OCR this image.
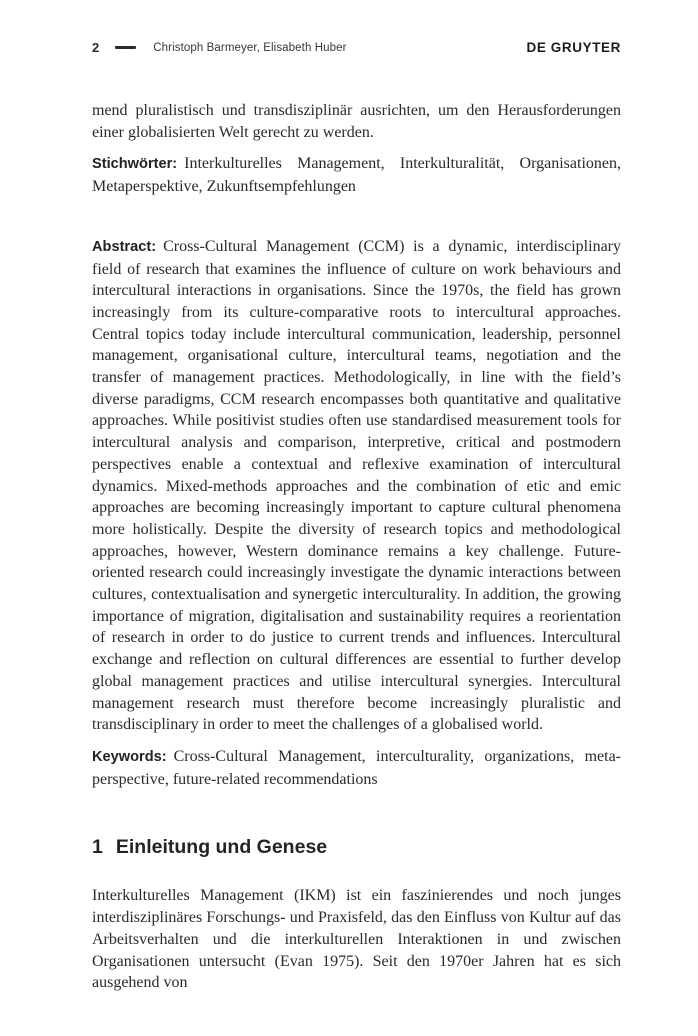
2	Christoph Barmeyer, Elisabeth Huber	DE GRUYTER

mend pluralistisch und transdisziplinär ausrichten, um den Herausforderungen einer globalisierten Welt gerecht zu werden.

Stichwörter: Interkulturelles Management, Interkulturalität, Organisationen, Metaperspektive, Zukunftsempfehlungen

Abstract: Cross-Cultural Management (CCM) is a dynamic, interdisciplinary field of research that examines the influence of culture on work behaviours and intercultural interactions in organisations. Since the 1970s, the field has grown increasingly from its culture-comparative roots to intercultural approaches. Central topics today include intercultural communication, leadership, personnel management, organisational culture, intercultural teams, negotiation and the transfer of management practices. Methodologically, in line with the field’s diverse paradigms, CCM research encompasses both quantitative and qualitative approaches. While positivist studies often use standardised measurement tools for intercultural analysis and comparison, interpretive, critical and postmodern perspectives enable a contextual and reflexive examination of intercultural dynamics. Mixed-methods approaches and the combination of etic and emic approaches are becoming increasingly important to capture cultural phenomena more holistically. Despite the diversity of research topics and methodological approaches, however, Western dominance remains a key challenge. Future-oriented research could increasingly investigate the dynamic interactions between cultures, contextualisation and synergetic interculturality. In addition, the growing importance of migration, digitalisation and sustainability requires a reorientation of research in order to do justice to current trends and influences. Intercultural exchange and reflection on cultural differences are essential to further develop global management practices and utilise intercultural synergies. Intercultural management research must therefore become increasingly pluralistic and transdisciplinary in order to meet the challenges of a globalised world.

Keywords: Cross-Cultural Management, interculturality, organizations, meta-perspective, future-related recommendations

1 Einleitung und Genese

Interkulturelles Management (IKM) ist ein faszinierendes und noch junges interdisziplinäres Forschungs- und Praxisfeld, das den Einfluss von Kultur auf das Arbeitsverhalten und die interkulturellen Interaktionen in und zwischen Organisationen untersucht (Evan 1975). Seit den 1970er Jahren hat es sich ausgehend von
